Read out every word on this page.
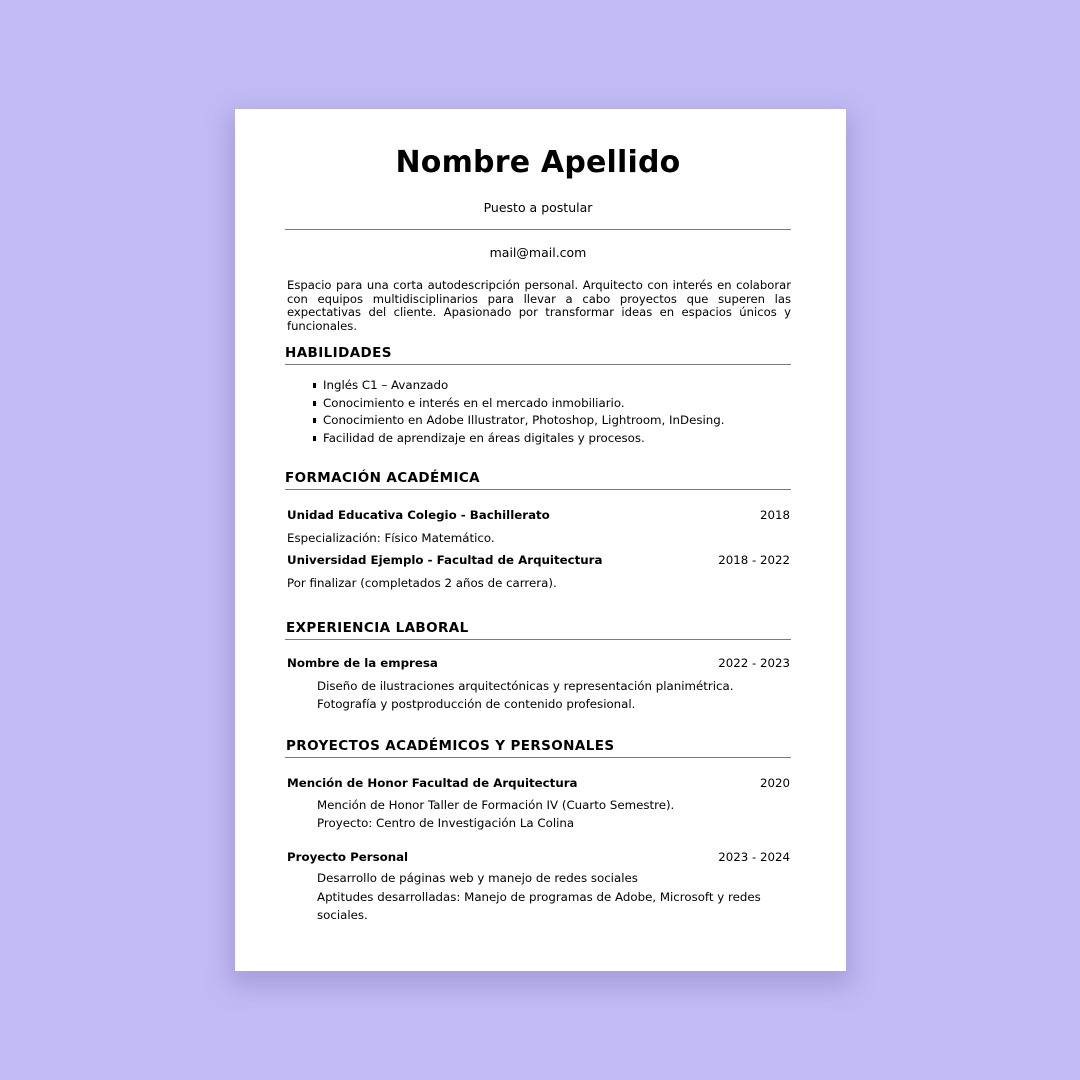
Nombre Apellido
Puesto a postular
mail@mail.com
Espacio para una corta autodescripción personal. Arquitecto con interés en colaborar con equipos multidisciplinarios para llevar a cabo proyectos que superen las expectativas del cliente. Apasionado por transformar ideas en espacios únicos y funcionales.
HABILIDADES
Inglés C1 – Avanzado
Conocimiento e interés en el mercado inmobiliario.
Conocimiento en Adobe Illustrator, Photoshop, Lightroom, InDesing.
Facilidad de aprendizaje en áreas digitales y procesos.
FORMACIÓN ACADÉMICA
Unidad Educativa Colegio - Bachillerato	2018
Especialización: Físico Matemático.
Universidad Ejemplo - Facultad de Arquitectura	2018 - 2022
Por finalizar (completados 2 años de carrera).
EXPERIENCIA LABORAL
Nombre de la empresa	2022 - 2023
Diseño de ilustraciones arquitectónicas y representación planimétrica.
Fotografía y postproducción de contenido profesional.
PROYECTOS ACADÉMICOS Y PERSONALES
Mención de Honor Facultad de Arquitectura	2020
Mención de Honor Taller de Formación IV (Cuarto Semestre).
Proyecto: Centro de Investigación La Colina
Proyecto Personal	2023 - 2024
Desarrollo de páginas web y manejo de redes sociales
Aptitudes desarrolladas: Manejo de programas de Adobe, Microsoft y redes sociales.
